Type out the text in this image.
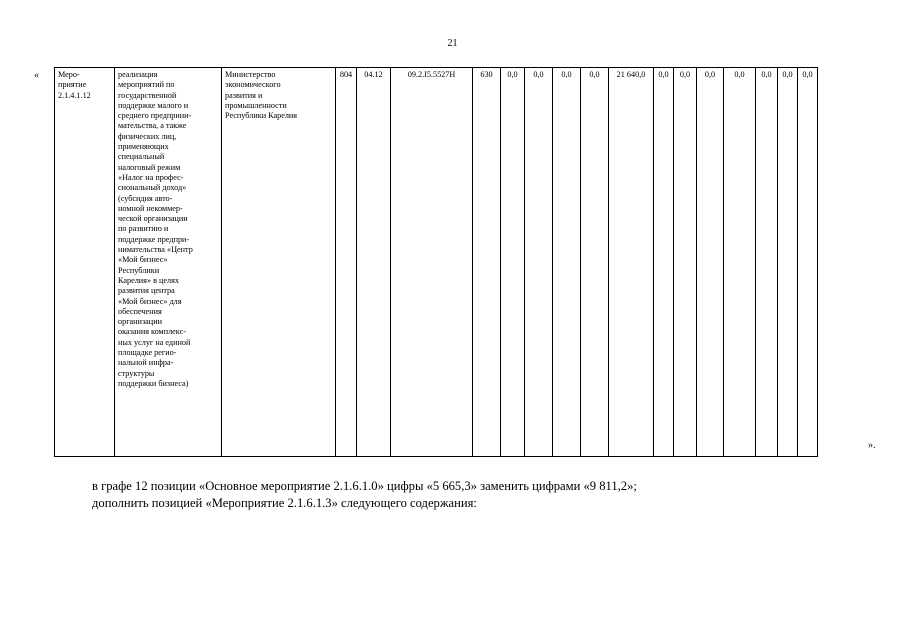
21
« Меро-
приятие
2.1.4.1.12	реализация
мероприятий по
государственной
поддержке малого и
среднего предприни-
мательства, а также
физических лиц,
применяющих
специальный
налоговый режим
«Налог на профес-
сиональный доход»
(субсидия авто-
номной некоммер-
ческой организации
по развитию и
поддержке предпри-
нимательства «Центр
«Мой бизнес»
Республики
Карелия» в целях
развития центра
«Мой бизнес» для
обеспечения
организации
оказания комплекс-
ных услуг на единой
площадке регио-
нальной инфра-
структуры
поддержки бизнеса)	Министерство
экономического
развития и
промышленности
Республики Карелия	804	04.12	09.2.I5.5527H	630	0,0	0,0	0,0	0,0	21 640,0	0,0	0,0	0,0	0,0	0,0	0,0	0,0
».
в графе 12 позиции «Основное мероприятие 2.1.6.1.0» цифры «5 665,3» заменить цифрами «9 811,2»;
дополнить позицией «Мероприятие 2.1.6.1.3» следующего содержания:
